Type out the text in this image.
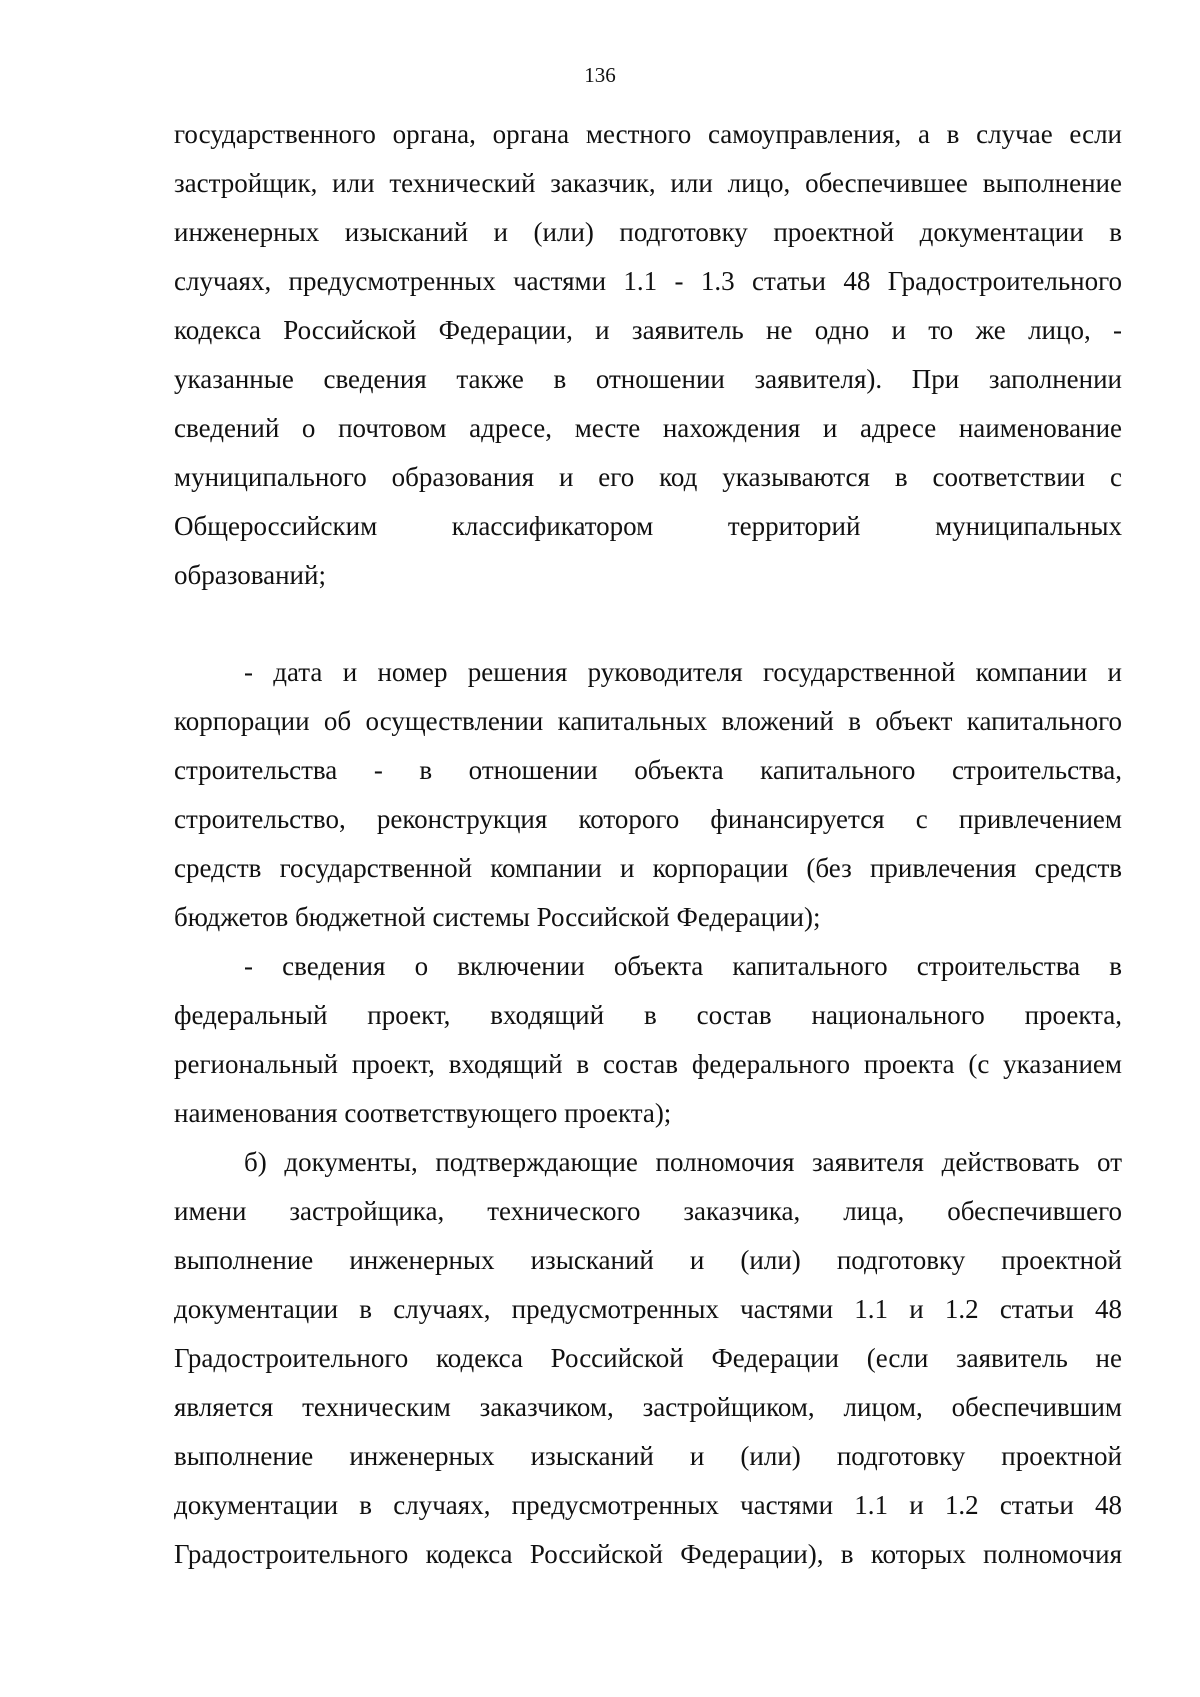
136
государственного органа, органа местного самоуправления, а в случае если
застройщик, или технический заказчик, или лицо, обеспечившее выполнение
инженерных изысканий и (или) подготовку проектной документации в
случаях, предусмотренных частями 1.1 - 1.3 статьи 48 Градостроительного
кодекса Российской Федерации, и заявитель не одно и то же лицо, -
указанные сведения также в отношении заявителя). При заполнении
сведений о почтовом адресе, месте нахождения и адресе наименование
муниципального образования и его код указываются в соответствии с
Общероссийским классификатором территорий муниципальных
образований;
- дата и номер решения руководителя государственной компании и
корпорации об осуществлении капитальных вложений в объект капитального
строительства - в отношении объекта капитального строительства,
строительство, реконструкция которого финансируется с привлечением
средств государственной компании и корпорации (без привлечения средств
бюджетов бюджетной системы Российской Федерации);
- сведения о включении объекта капитального строительства в
федеральный проект, входящий в состав национального проекта,
региональный проект, входящий в состав федерального проекта (с указанием
наименования соответствующего проекта);
б) документы, подтверждающие полномочия заявителя действовать от
имени застройщика, технического заказчика, лица, обеспечившего
выполнение инженерных изысканий и (или) подготовку проектной
документации в случаях, предусмотренных частями 1.1 и 1.2 статьи 48
Градостроительного кодекса Российской Федерации (если заявитель не
является техническим заказчиком, застройщиком, лицом, обеспечившим
выполнение инженерных изысканий и (или) подготовку проектной
документации в случаях, предусмотренных частями 1.1 и 1.2 статьи 48
Градостроительного кодекса Российской Федерации), в которых полномочия
